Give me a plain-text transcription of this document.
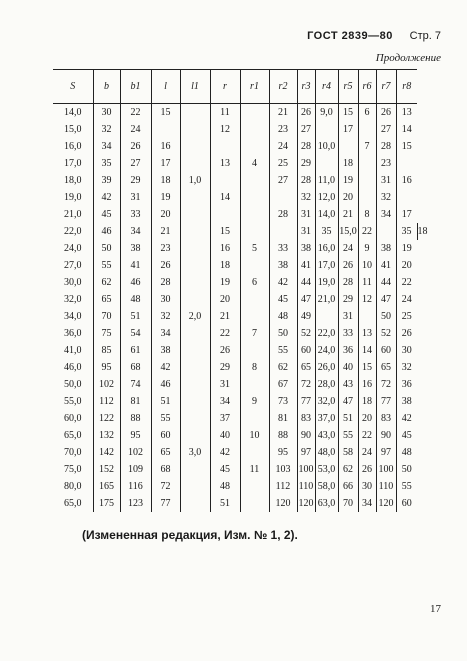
ГОСТ 2839—80 Стр. 7
Продолжение
S	b	b1	l	l1	r	r1	r2	r3	r4	r5	r6	r7	r8	
14,0	30	22	15		11		21	26	9,0	15	6	26	13	
15,0	32	24			12		23	27		17		27	14	
16,0	34	26	16				24	28	10,0		7	28	15	
17,0	35	27	17		13	4	25	29		18		23		
18,0	39	29	18	1,0			27	28	11,0	19		31	16	
19,0	42	31	19		14			32	12,0	20		32		
21,0	45	33	20				28	31	14,0	21	8	34	17	
22,0	46	34	21		15			31	35	15,0	22		35	18
24,0	50	38	23		16	5	33	38	16,0	24	9	38	19	
27,0	55	41	26		18		38	41	17,0	26	10	41	20	
30,0	62	46	28		19	6	42	44	19,0	28	11	44	22	
32,0	65	48	30		20		45	47	21,0	29	12	47	24	
34,0	70	51	32	2,0	21		48	49		31		50	25	
36,0	75	54	34		22	7	50	52	22,0	33	13	52	26	
41,0	85	61	38		26		55	60	24,0	36	14	60	30	
46,0	95	68	42		29	8	62	65	26,0	40	15	65	32	
50,0	102	74	46		31		67	72	28,0	43	16	72	36	
55,0	112	81	51		34	9	73	77	32,0	47	18	77	38	
60,0	122	88	55		37		81	83	37,0	51	20	83	42	
65,0	132	95	60		40	10	88	90	43,0	55	22	90	45	
70,0	142	102	65	3,0	42		95	97	48,0	58	24	97	48	
75,0	152	109	68		45	11	103	100	53,0	62	26	100	50	
80,0	165	116	72		48		112	110	58,0	66	30	110	55	
65,0	175	123	77		51		120	120	63,0	70	34	120	60	
(Измененная редакция, Изм. № 1, 2).
17
